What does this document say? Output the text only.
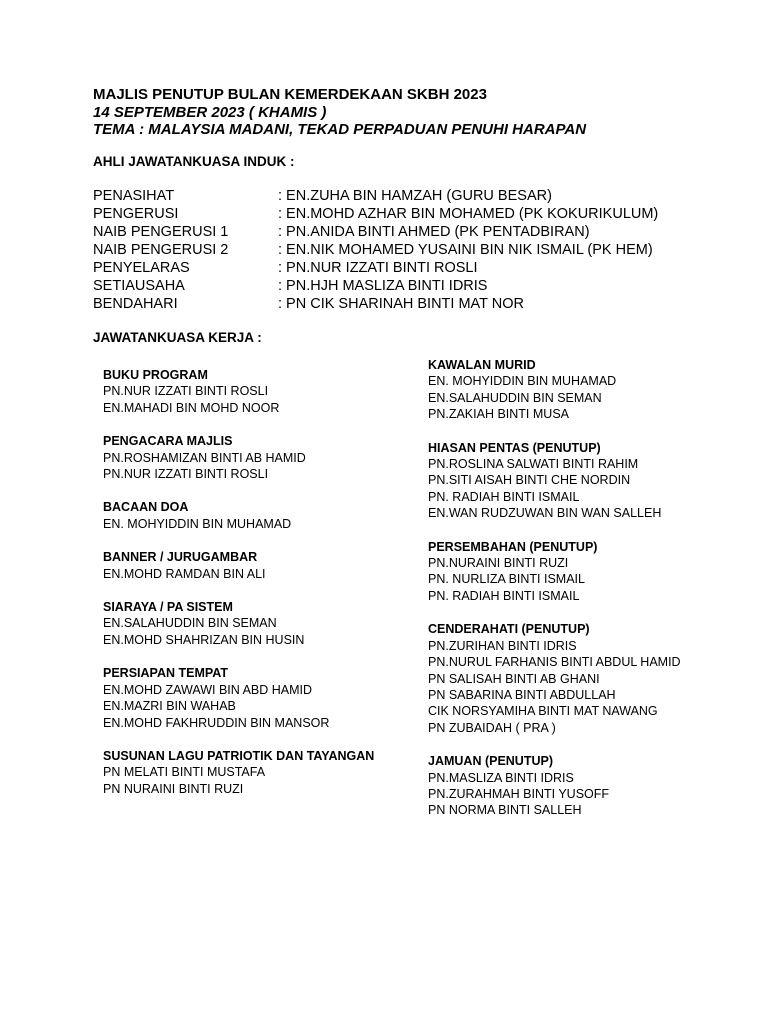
MAJLIS PENUTUP BULAN KEMERDEKAAN SKBH 2023
14 SEPTEMBER 2023 ( KHAMIS )
TEMA : MALAYSIA MADANI, TEKAD PERPADUAN PENUHI HARAPAN
AHLI JAWATANKUASA INDUK :
PENASIHAT	: EN.ZUHA BIN HAMZAH (GURU BESAR)
PENGERUSI	: EN.MOHD AZHAR BIN MOHAMED (PK KOKURIKULUM)
NAIB PENGERUSI 1	: PN.ANIDA BINTI AHMED (PK PENTADBIRAN)
NAIB PENGERUSI 2	: EN.NIK MOHAMED YUSAINI BIN NIK ISMAIL (PK HEM)
PENYELARAS	: PN.NUR IZZATI BINTI ROSLI
SETIAUSAHA	: PN.HJH MASLIZA BINTI IDRIS
BENDAHARI	: PN CIK SHARINAH BINTI MAT NOR
JAWATANKUASA KERJA :
BUKU PROGRAM
PN.NUR IZZATI BINTI ROSLI
EN.MAHADI BIN MOHD NOOR
PENGACARA MAJLIS
PN.ROSHAMIZAN BINTI AB HAMID
PN.NUR IZZATI BINTI ROSLI
BACAAN DOA
EN. MOHYIDDIN BIN MUHAMAD
BANNER / JURUGAMBAR
EN.MOHD RAMDAN BIN ALI
SIARAYA / PA SISTEM
EN.SALAHUDDIN BIN SEMAN
EN.MOHD SHAHRIZAN BIN HUSIN
PERSIAPAN TEMPAT
EN.MOHD ZAWAWI BIN ABD HAMID
EN.MAZRI BIN WAHAB
EN.MOHD FAKHRUDDIN BIN MANSOR
SUSUNAN LAGU PATRIOTIK DAN TAYANGAN
PN MELATI BINTI MUSTAFA
PN NURAINI BINTI RUZI
KAWALAN MURID
EN. MOHYIDDIN BIN MUHAMAD
EN.SALAHUDDIN BIN SEMAN
PN.ZAKIAH BINTI MUSA
HIASAN PENTAS (PENUTUP)
PN.ROSLINA SALWATI BINTI RAHIM
PN.SITI AISAH BINTI CHE NORDIN
PN. RADIAH BINTI ISMAIL
EN.WAN RUDZUWAN BIN WAN SALLEH
PERSEMBAHAN (PENUTUP)
PN.NURAINI BINTI RUZI
PN. NURLIZA BINTI ISMAIL
PN. RADIAH BINTI ISMAIL
CENDERAHATI (PENUTUP)
PN.ZURIHAN BINTI IDRIS
PN.NURUL FARHANIS BINTI ABDUL HAMID
PN SALISAH BINTI AB GHANI
PN SABARINA BINTI ABDULLAH
CIK NORSYAMIHA BINTI MAT NAWANG
PN ZUBAIDAH ( PRA )
JAMUAN (PENUTUP)
PN.MASLIZA BINTI IDRIS
PN.ZURAHMAH BINTI YUSOFF
PN NORMA BINTI SALLEH
